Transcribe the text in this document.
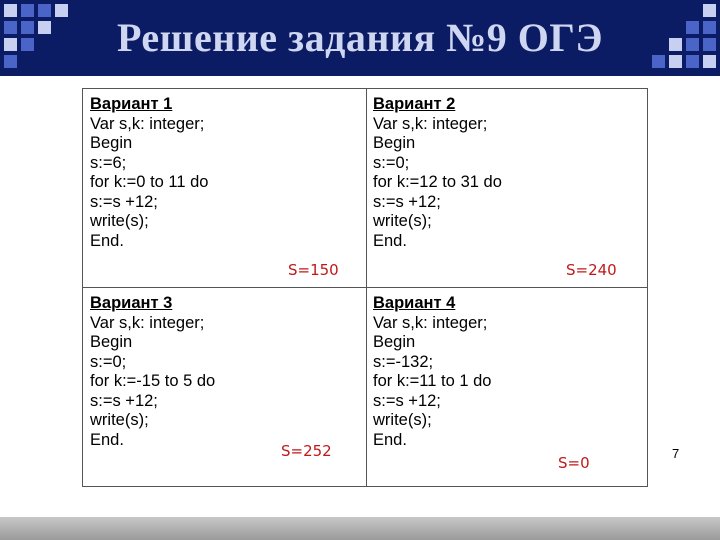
Решение задания №9 ОГЭ
Вариант 1
Var s,k: integer;
Begin
s:=6;
for k:=0 to 11 do
s:=s +12;
write(s);
End.
S=150
Вариант 2
Var s,k: integer;
Begin
s:=0;
for k:=12 to 31 do
s:=s +12;
write(s);
End.
S=240
Вариант 3
Var s,k: integer;
Begin
s:=0;
for k:=-15 to 5 do
s:=s +12;
write(s);
End.
S=252
Вариант 4
Var s,k: integer;
Begin
s:=-132;
for k:=11 to 1 do
s:=s +12;
write(s);
End.
S=0
7
